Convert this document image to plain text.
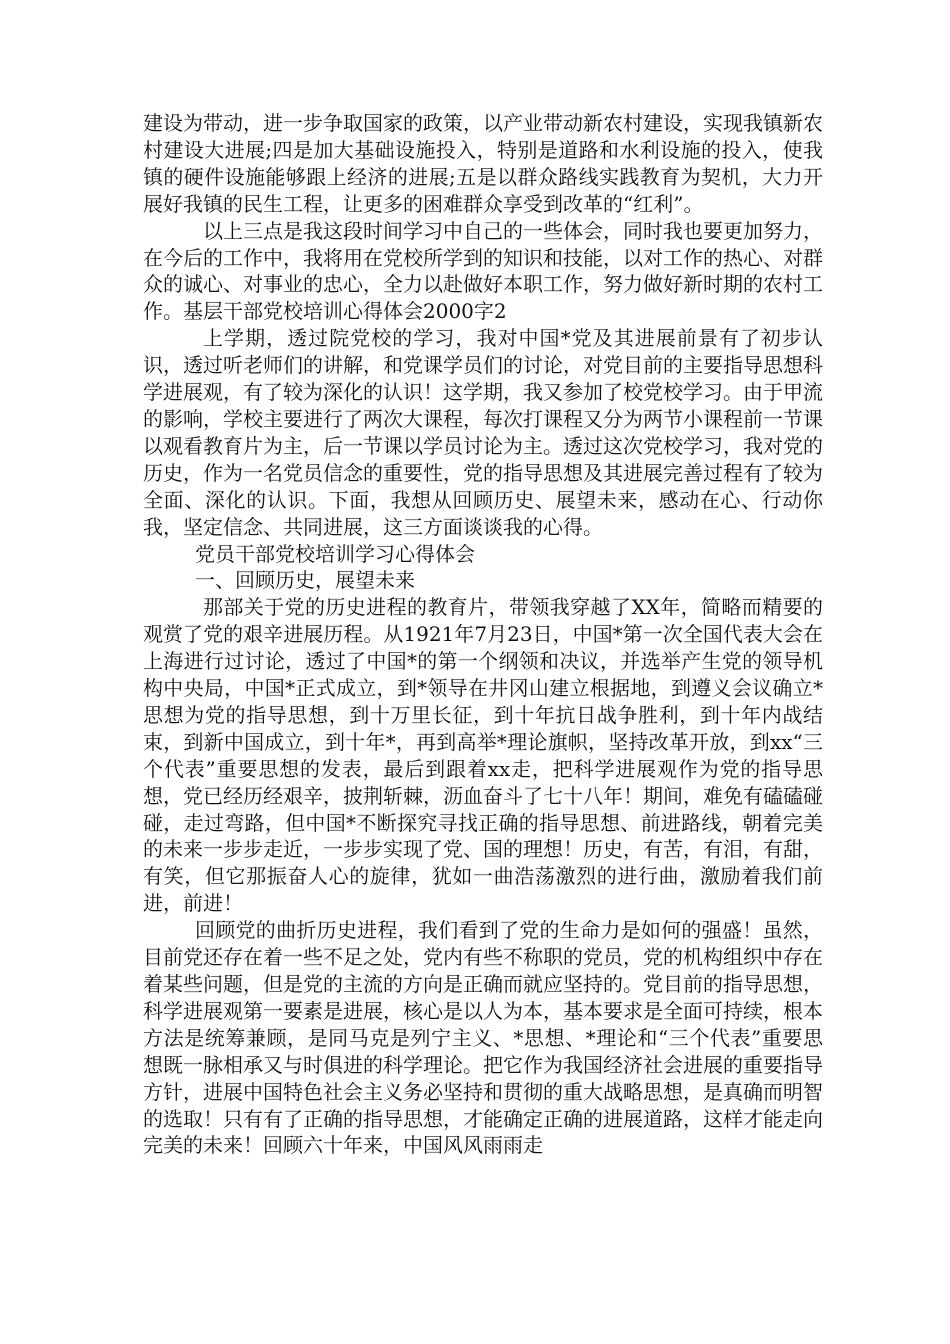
建设为带动，进一步争取国家的政策，以产业带动新农村建设，实现我镇新农村建设大进展;四是加大基础设施投入，特别是道路和水利设施的投入，使我镇的硬件设施能够跟上经济的进展;五是以群众路线实践教育为契机，大力开展好我镇的民生工程，让更多的困难群众享受到改革的“红利”。

以上三点是我这段时间学习中自己的一些体会，同时我也要更加努力，在今后的工作中，我将用在党校所学到的知识和技能，以对工作的热心、对群众的诚心、对事业的忠心，全力以赴做好本职工作，努力做好新时期的农村工作。基层干部党校培训心得体会2000字2

上学期，透过院党校的学习，我对中国*党及其进展前景有了初步认识，透过听老师们的讲解，和党课学员们的讨论，对党目前的主要指导思想科学进展观，有了较为深化的认识！这学期，我又参加了校党校学习。由于甲流的影响，学校主要进行了两次大课程，每次打课程又分为两节小课程前一节课以观看教育片为主，后一节课以学员讨论为主。透过这次党校学习，我对党的历史，作为一名党员信念的重要性，党的指导思想及其进展完善过程有了较为全面、深化的认识。下面，我想从回顾历史、展望未来，感动在心、行动你我，坚定信念、共同进展，这三方面谈谈我的心得。

党员干部党校培训学习心得体会

一、回顾历史，展望未来

那部关于党的历史进程的教育片，带领我穿越了XX年，简略而精要的观赏了党的艰辛进展历程。从1921年7月23日，中国*第一次全国代表大会在上海进行过讨论，透过了中国*的第一个纲领和决议，并选举产生党的领导机构中央局，中国*正式成立，到*领导在井冈山建立根据地，到遵义会议确立*思想为党的指导思想，到十万里长征，到十年抗日战争胜利，到十年内战结束，到新中国成立，到十年*，再到高举*理论旗帜，坚持改革开放，到xx“三个代表”重要思想的发表，最后到跟着xx走，把科学进展观作为党的指导思想，党已经历经艰辛，披荆斩棘，沥血奋斗了七十八年！期间，难免有磕磕碰碰，走过弯路，但中国*不断探究寻找正确的指导思想、前进路线，朝着完美的未来一步步走近，一步步实现了党、国的理想！历史，有苦，有泪，有甜，有笑，但它那振奋人心的旋律，犹如一曲浩荡激烈的进行曲，激励着我们前进，前进！

回顾党的曲折历史进程，我们看到了党的生命力是如何的强盛！虽然，目前党还存在着一些不足之处，党内有些不称职的党员，党的机构组织中存在着某些问题，但是党的主流的方向是正确而就应坚持的。党目前的指导思想，科学进展观第一要素是进展，核心是以人为本，基本要求是全面可持续，根本方法是统筹兼顾，是同马克是列宁主义、*思想、*理论和“三个代表”重要思想既一脉相承又与时俱进的科学理论。把它作为我国经济社会进展的重要指导方针，进展中国特色社会主义务必坚持和贯彻的重大战略思想，是真确而明智的选取！只有有了正确的指导思想，才能确定正确的进展道路，这样才能走向完美的未来！回顾六十年来，中国风风雨雨走
